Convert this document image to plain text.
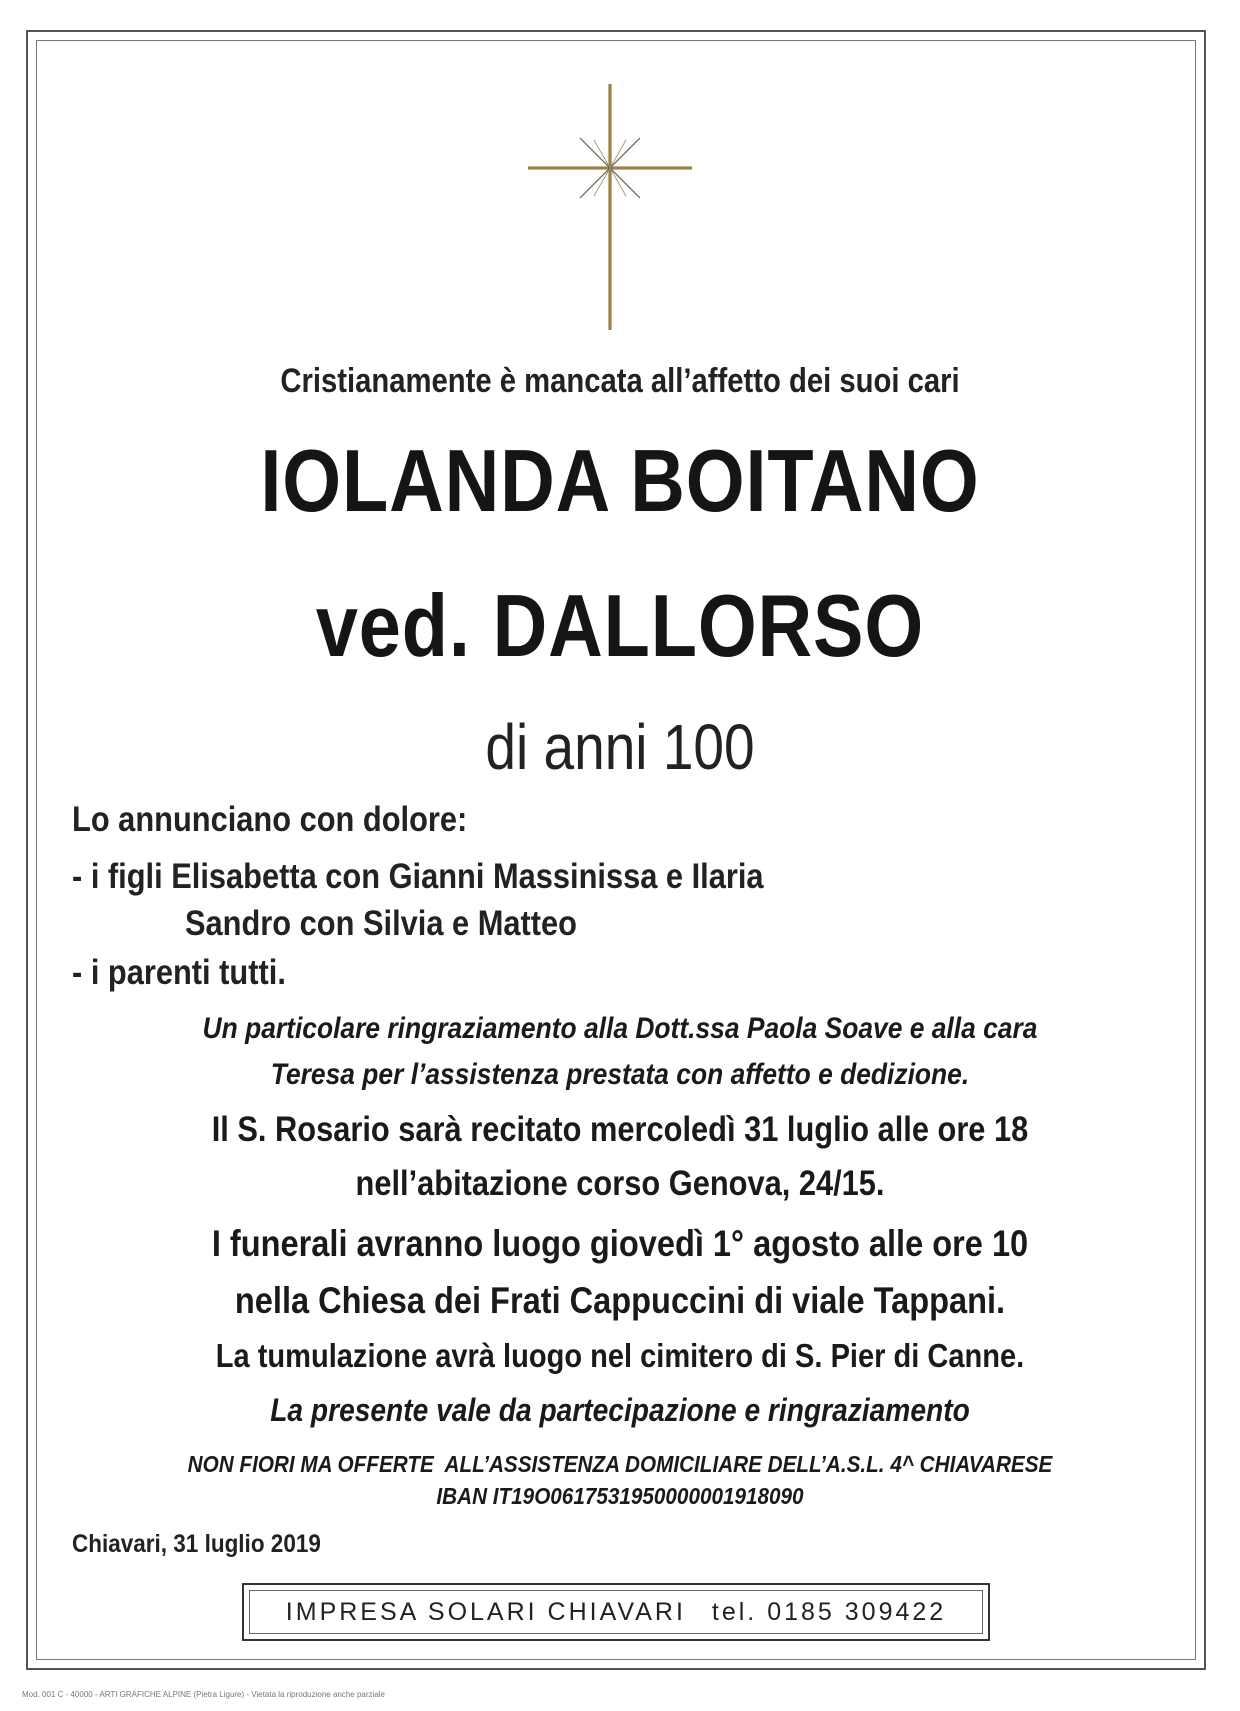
Cristianamente è mancata all’affetto dei suoi cari
IOLANDA BOITANO
ved. DALLORSO
di anni 100
Lo annunciano con dolore:
- i figli Elisabetta con Gianni Massinissa e Ilaria
Sandro con Silvia e Matteo
- i parenti tutti.
Un particolare ringraziamento alla Dott.ssa Paola Soave e alla cara
Teresa per l’assistenza prestata con affetto e dedizione.
Il S. Rosario sarà recitato mercoledì 31 luglio alle ore 18
nell’abitazione corso Genova, 24/15.
I funerali avranno luogo giovedì 1° agosto alle ore 10
nella Chiesa dei Frati Cappuccini di viale Tappani.
La tumulazione avrà luogo nel cimitero di S. Pier di Canne.
La presente vale da partecipazione e ringraziamento
NON FIORI MA OFFERTE  ALL’ASSISTENZA DOMICILIARE DELL’A.S.L. 4^ CHIAVARESE
IBAN IT19O0617531950000001918090
Chiavari, 31 luglio 2019
IMPRESA SOLARI CHIAVARI tel. 0185 309422
Mod. 001 C - 40000 - ARTI GRAFICHE ALPINE (Pietra Ligure) - Vietata la riproduzione anche parziale
